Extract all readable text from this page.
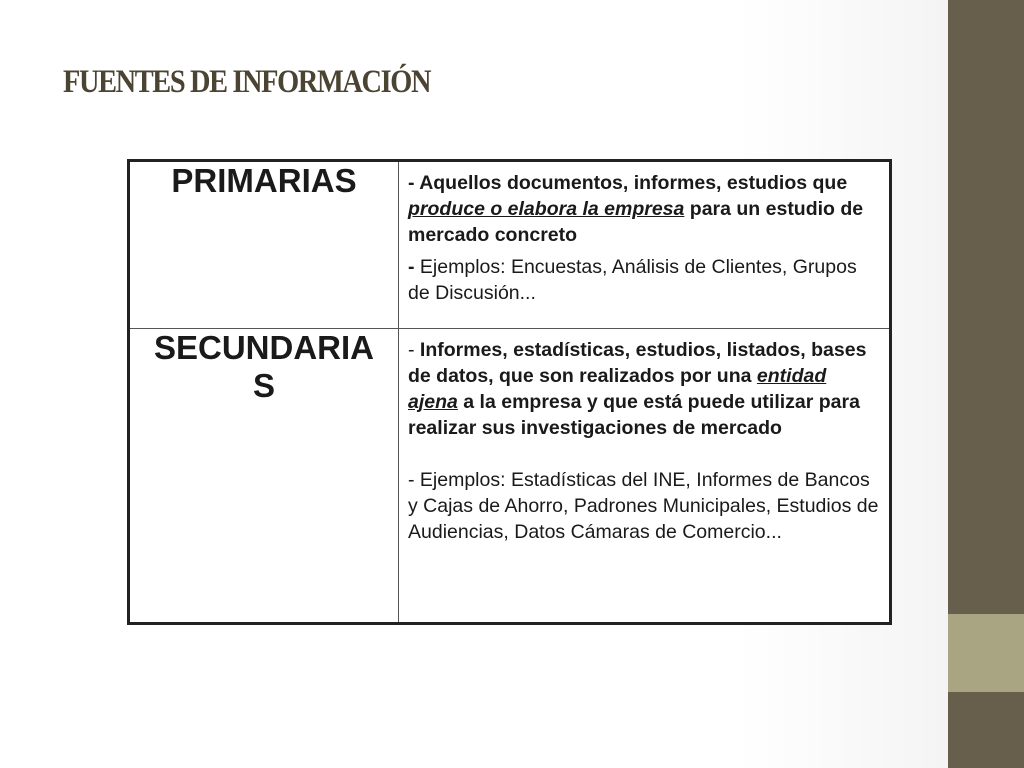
FUENTES DE INFORMACIÓN
PRIMARIAS	- Aquellos documentos, informes, estudios que produce o elabora la empresa para un estudio de mercado concreto

- Ejemplos: Encuestas, Análisis de Clientes, Grupos de Discusión...

SECUNDARIAS	- Informes, estadísticas, estudios, listados, bases de datos, que son realizados por una entidad ajena a la empresa y que está puede utilizar para realizar sus investigaciones de mercado

- Ejemplos: Estadísticas del INE, Informes de Bancos y Cajas de Ahorro, Padrones Municipales, Estudios de Audiencias, Datos Cámaras de Comercio...
